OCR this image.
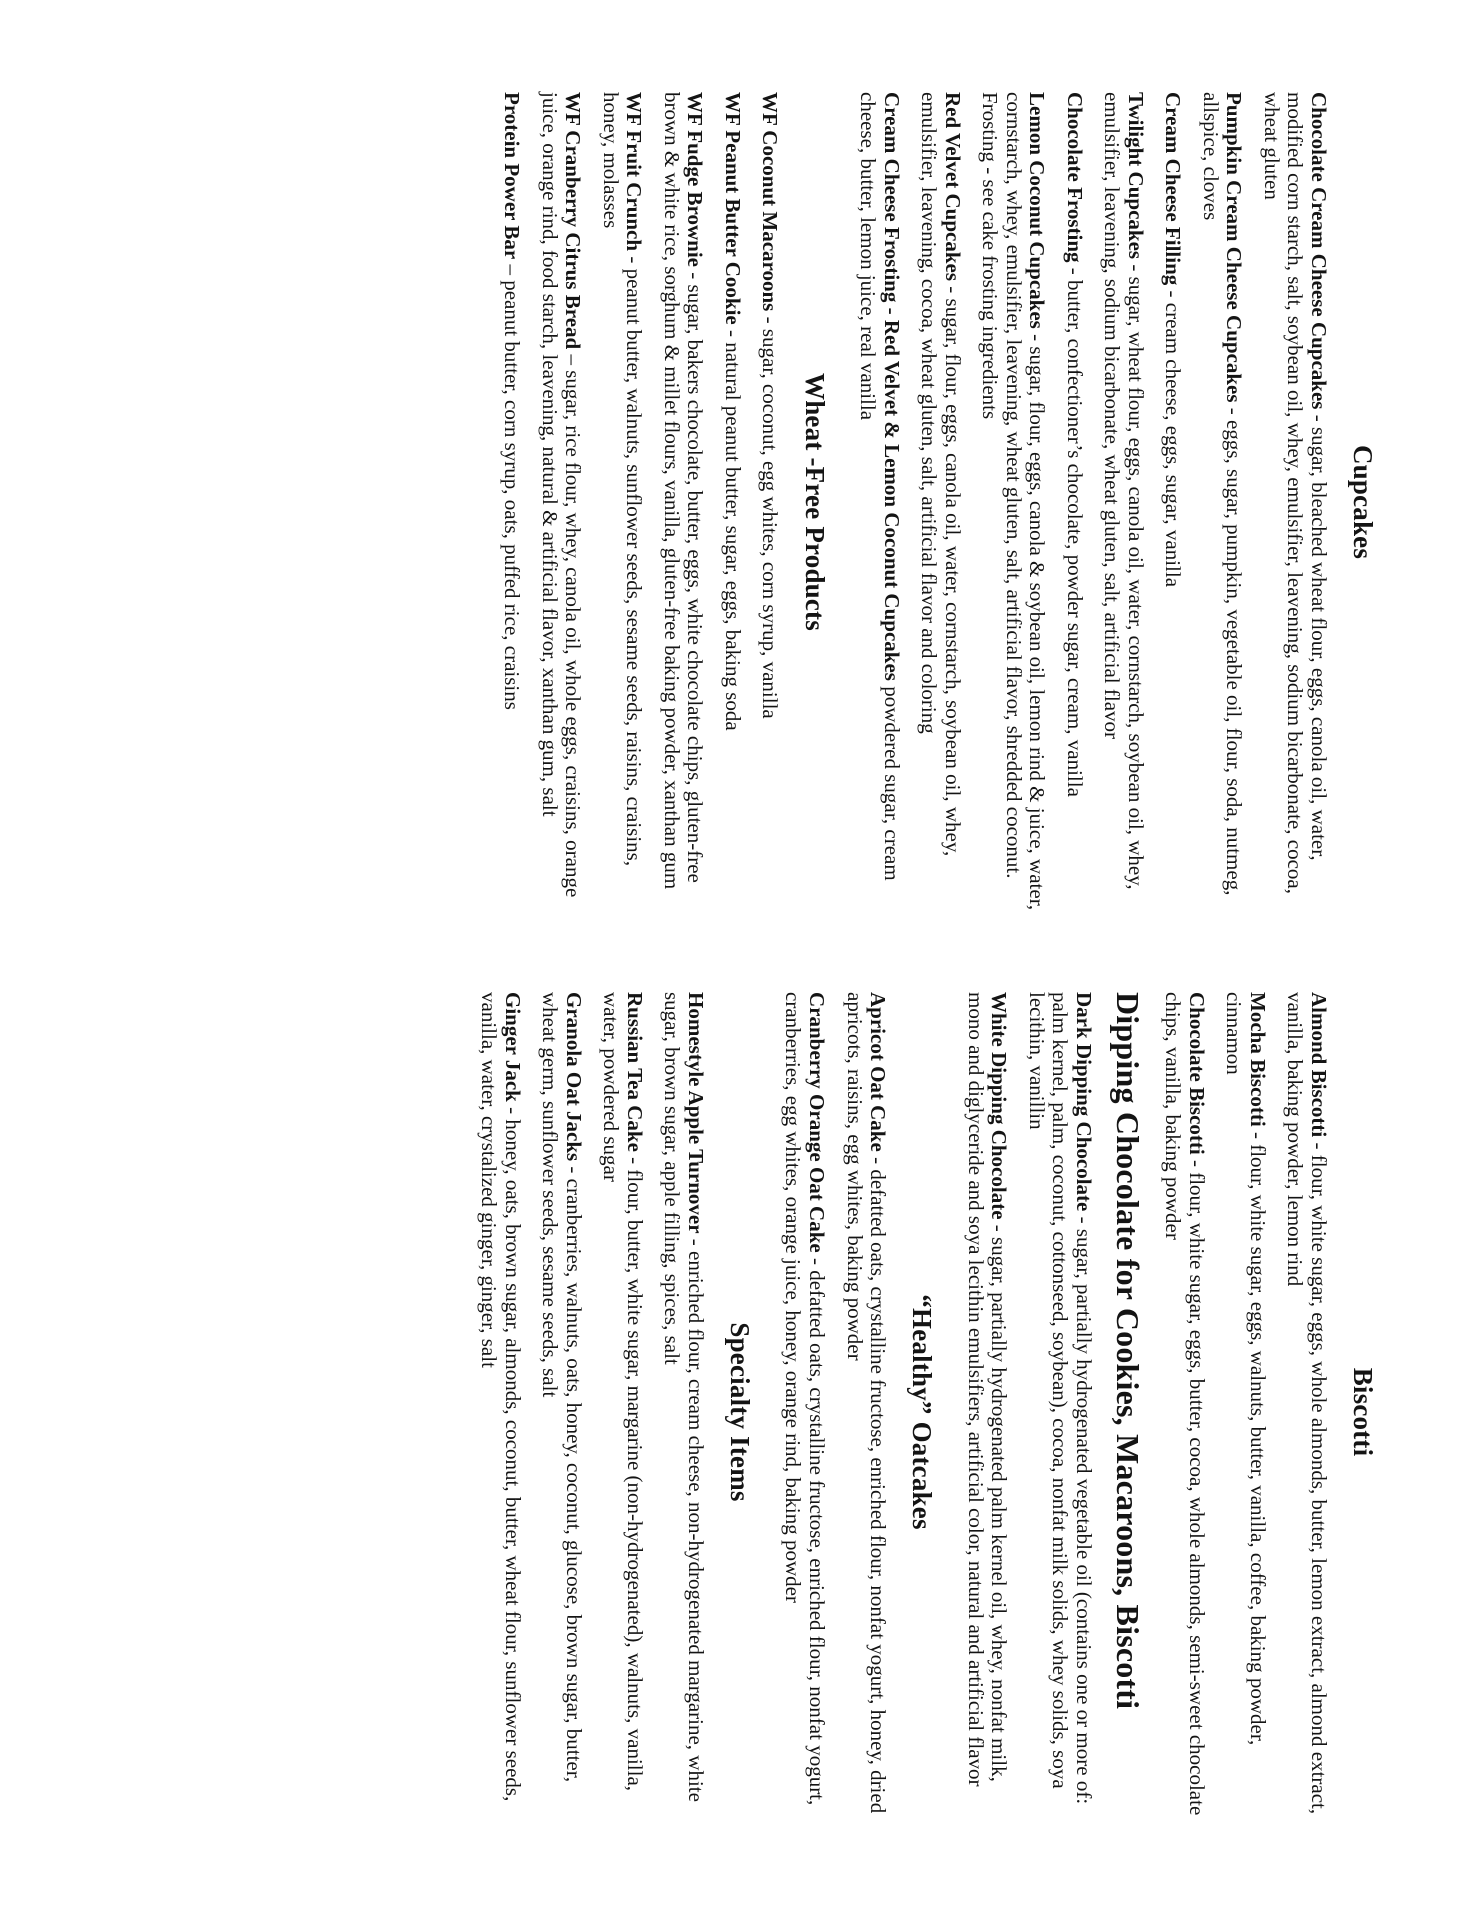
Cupcakes

Chocolate Cream Cheese Cupcakes - sugar, bleached wheat flour, eggs, canola oil, water, modified corn starch, salt, soybean oil, whey, emulsifier, leavening, sodium bicarbonate, cocoa, wheat gluten

Pumpkin Cream Cheese Cupcakes - eggs, sugar, pumpkin, vegetable oil, flour, soda, nutmeg, allspice, cloves

Cream Cheese Filling - cream cheese, eggs, sugar, vanilla

Twilight Cupcakes - sugar, wheat flour, eggs, canola oil, water, cornstarch, soybean oil, whey, emulsifier, leavening, sodium bicarbonate, wheat gluten, salt, artificial flavor

Chocolate Frosting - butter, confectioner’s chocolate, powder sugar, cream, vanilla

Lemon Coconut Cupcakes - sugar, flour, eggs, canola & soybean oil, lemon rind & juice, water, cornstarch, whey, emulsifier, leavening, wheat gluten, salt, artificial flavor, shredded coconut. Frosting - see cake frosting ingredients

Red Velvet Cupcakes - sugar, flour, eggs, canola oil, water, cornstarch, soybean oil, whey, emulsifier, leavening, cocoa, wheat gluten, salt, artificial flavor and coloring

Cream Cheese Frosting - Red Velvet & Lemon Coconut Cupcakes powdered sugar, cream cheese, butter, lemon juice, real vanilla

Wheat -Free Products

WF Coconut Macaroons - sugar, coconut, egg whites, corn syrup, vanilla

WF Peanut Butter Cookie - natural peanut butter, sugar, eggs, baking soda

WF Fudge Brownie - sugar, bakers chocolate, butter, eggs, white chocolate chips, gluten-free brown & white rice, sorghum & millet flours, vanilla, gluten-free baking powder, xanthan gum

WF Fruit Crunch - peanut butter, walnuts, sunflower seeds, sesame seeds, raisins, craisins, honey, molasses

WF Cranberry Citrus Bread – sugar, rice flour, whey, canola oil, whole eggs, craisins, orange juice, orange rind, food starch, leavening, natural & artificial flavor, xanthan gum, salt

Protein Power Bar – peanut butter, corn syrup, oats, puffed rice, craisins

Biscotti

Almond Biscotti - flour, white sugar, eggs, whole almonds, butter, lemon extract, almond extract, vanilla, baking powder, lemon rind

Mocha Biscotti - flour, white sugar, eggs, walnuts, butter, vanilla, coffee, baking powder, cinnamon

Chocolate Biscotti - flour, white sugar, eggs, butter, cocoa, whole almonds, semi-sweet chocolate chips, vanilla, baking powder

Dipping Chocolate for Cookies, Macaroons, Biscotti

Dark Dipping Chocolate - sugar, partially hydrogenated vegetable oil (contains one or more of: palm kernel, palm, coconut, cottonseed, soybean), cocoa, nonfat milk solids, whey solids, soya lecithin, vanillin

White Dipping Chocolate - sugar, partially hydrogenated palm kernel oil, whey, nonfat milk, mono and diglyceride and soya lecithin emulsifiers, artificial color, natural and artificial flavor

“Healthy” Oatcakes

Apricot Oat Cake - defatted oats, crystalline fructose, enriched flour, nonfat yogurt, honey, dried apricots, raisins, egg whites, baking powder

Cranberry Orange Oat Cake - defatted oats, crystalline fructose, enriched flour, nonfat yogurt, cranberries, egg whites, orange juice, honey, orange rind, baking powder

Specialty Items

Homestyle Apple Turnover - enriched flour, cream cheese, non-hydrogenated margarine, white sugar, brown sugar, apple filling, spices, salt

Russian Tea Cake - flour, butter, white sugar, margarine (non-hydrogenated), walnuts, vanilla, water, powdered sugar

Granola Oat Jacks - cranberries, walnuts, oats, honey, coconut, glucose, brown sugar, butter, wheat germ, sunflower seeds, sesame seeds, salt

Ginger Jack - honey, oats, brown sugar, almonds, coconut, butter, wheat flour, sunflower seeds, vanilla, water, crystalized ginger, ginger, salt
